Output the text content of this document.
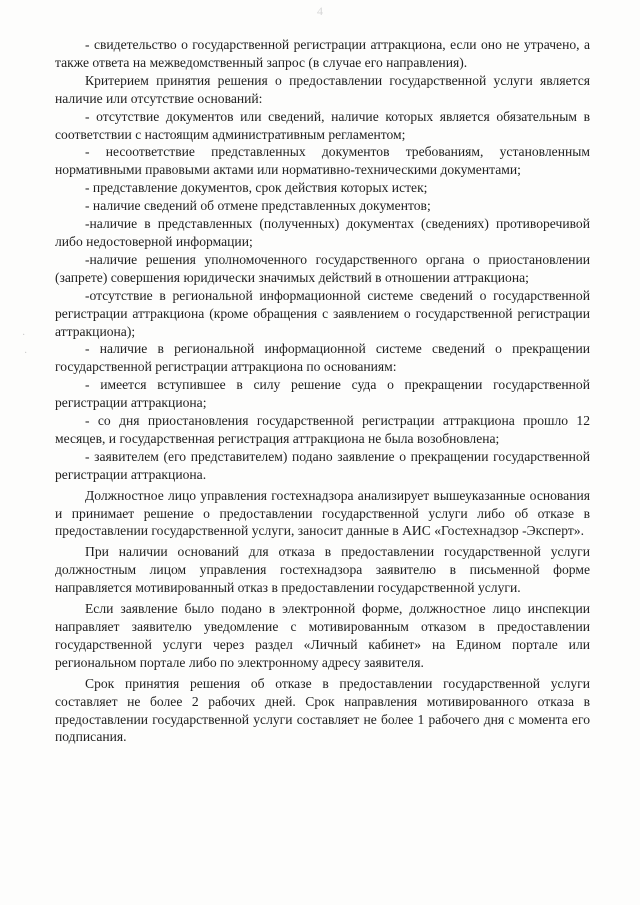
4
·
·

- свидетельство о государственной регистрации аттракциона, если оно не утрачено, а также ответа на межведомственный запрос (в случае его направления).

Критерием принятия решения о предоставлении государственной услуги является наличие или отсутствие оснований:

- отсутствие документов или сведений, наличие которых является обязательным в соответствии с настоящим административным регламентом;

- несоответствие представленных документов требованиям, установленным нормативными правовыми актами или нормативно-техническими документами;

- представление документов, срок действия которых истек;

- наличие сведений об отмене представленных документов;

-наличие в представленных (полученных) документах (сведениях) противоречивой либо недостоверной информации;

-наличие решения уполномоченного государственного органа о приостановлении (запрете) совершения юридически значимых действий в отношении аттракциона;

-отсутствие в региональной информационной системе сведений о государственной регистрации аттракциона (кроме обращения с заявлением о государственной регистрации аттракциона);

- наличие в региональной информационной системе сведений о прекращении государственной регистрации аттракциона по основаниям:

- имеется вступившее в силу решение суда о прекращении государственной регистрации аттракциона;

- со дня приостановления государственной регистрации аттракциона прошло 12 месяцев, и государственная регистрация аттракциона не была возобновлена;

- заявителем (его представителем) подано заявление о прекращении государственной регистрации аттракциона.

Должностное лицо управления гостехнадзора анализирует вышеуказанные основания и принимает решение о предоставлении государственной услуги либо об отказе в предоставлении государственной услуги, заносит данные в АИС «Гостехнадзор -Эксперт».

При наличии оснований для отказа в предоставлении государственной услуги должностным лицом управления гостехнадзора заявителю в письменной форме направляется мотивированный отказ в предоставлении государственной услуги.

Если заявление было подано в электронной форме, должностное лицо инспекции направляет заявителю уведомление с мотивированным отказом в предоставлении государственной услуги через раздел «Личный кабинет» на Едином портале или региональном портале либо по электронному адресу заявителя.

Срок принятия решения об отказе в предоставлении государственной услуги составляет не более 2 рабочих дней. Срок направления мотивированного отказа в предоставлении государственной услуги составляет не более 1 рабочего дня с момента его подписания.
